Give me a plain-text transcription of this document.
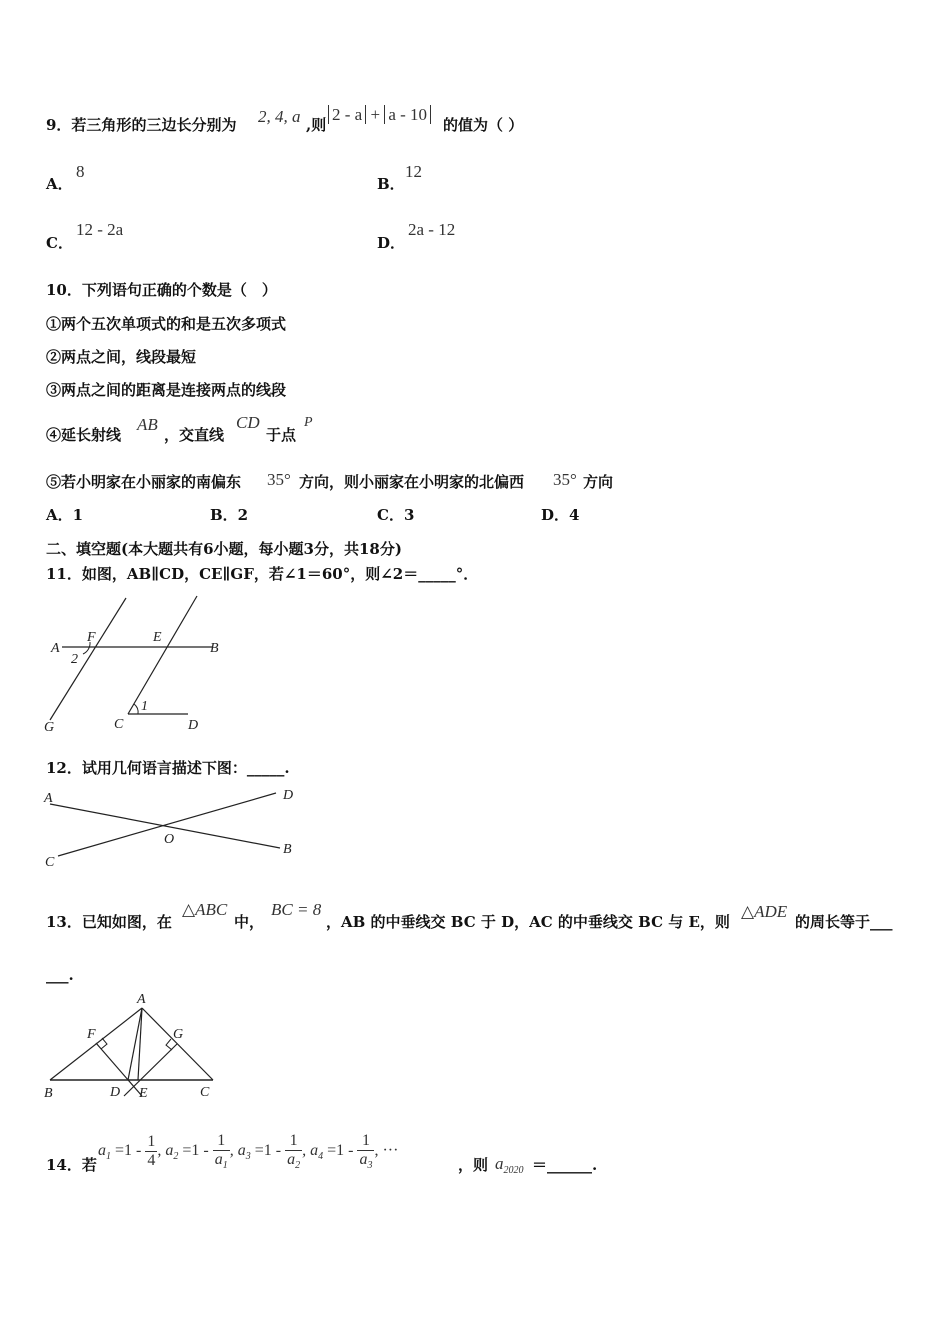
9．若三角形的三边长分别为 2, 4, a ,则
2 - a + a - 10
的值为（ ）
A．
8
B．
12
C．
12 - 2a
D．
2a - 12
10．下列语句正确的个数是（　）
①两个五次单项式的和是五次多项式
②两点之间，线段最短
③两点之间的距离是连接两点的线段
④延长射线
AB
，交直线
CD
于点
P
⑤若小明家在小丽家的南偏东 35° 方向，则小丽家在小明家的北偏西 35° 方向
A．1	B．2	C．3	D．4
二、填空题(本大题共有6小题，每小题3分，共18分)
11．如图，AB∥CD，CE∥GF，若∠1＝60°，则∠2＝_____°．
A
F	E
B
2
G	C
1
D
12．试用几何语言描述下图：_____.
A	D
O
C
B
13．已知如图，在
△ABC
中，
BC = 8
，AB 的中垂线交 BC 于 D，AC 的中垂线交 BC 与 E，则
△ADE
的周长等于___
___.
A
F	G
B	D E	C
14．若
$a_1 =1 - \frac{1}{4}$ , $a_2 =1 - \frac{1}{a_1}$ , $a_3 =1 - \frac{1}{a_2}$ , $a_4 =1 - \frac{1}{a_3}$ , ···
，则 $a_{2020}$ ＝______.
